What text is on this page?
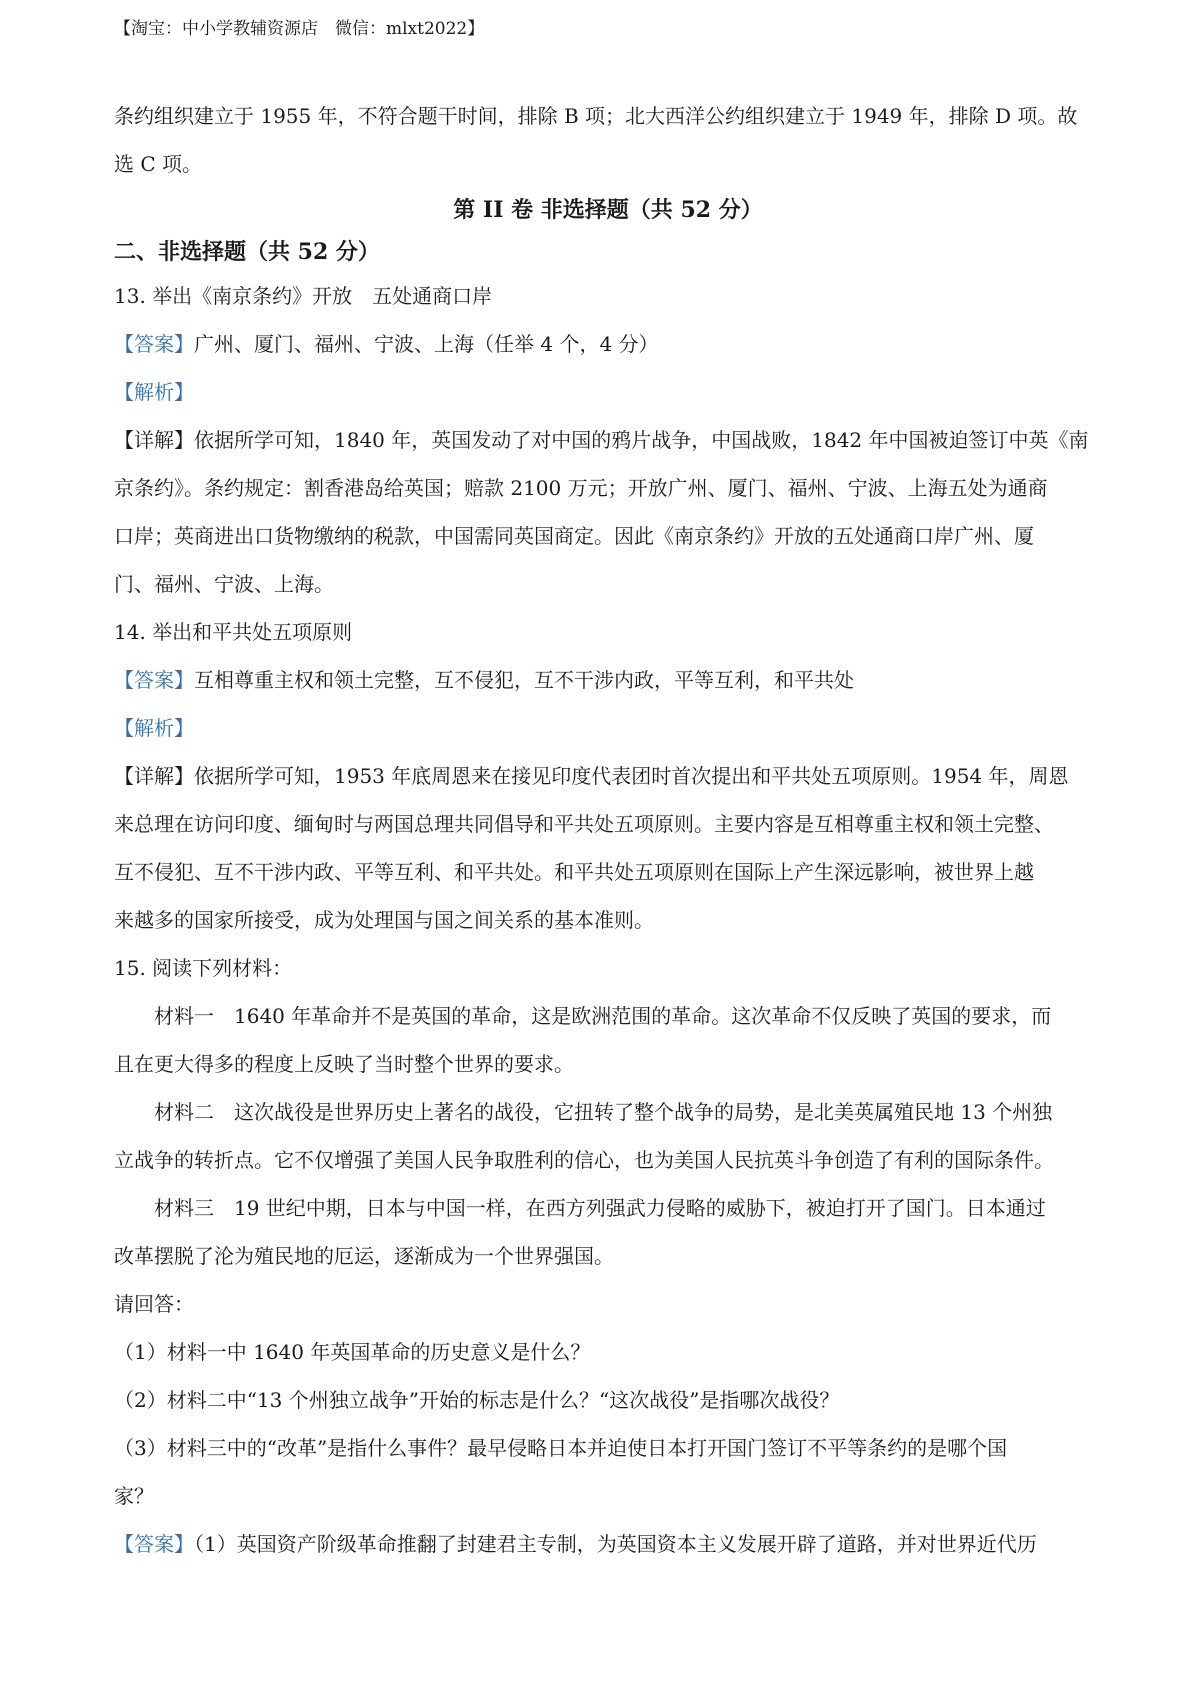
【淘宝：中小学教辅资源店　微信：mlxt2022】

条约组织建立于 1955 年，不符合题干时间，排除 B 项；北大西洋公约组织建立于 1949 年，排除 D 项。故

选 C 项。

第 II 卷 非选择题（共 52 分）

二、非选择题（共 52 分）

13. 举出《南京条约》开放　五处通商口岸

【答案】广州、厦门、福州、宁波、上海（任举 4 个，4 分）

【解析】

【详解】依据所学可知，1840 年，英国发动了对中国的鸦片战争，中国战败，1842 年中国被迫签订中英《南

京条约》。条约规定：割香港岛给英国；赔款 2100 万元；开放广州、厦门、福州、宁波、上海五处为通商

口岸；英商进出口货物缴纳的税款，中国需同英国商定。因此《南京条约》开放的五处通商口岸广州、厦

门、福州、宁波、上海。

14. 举出和平共处五项原则

【答案】互相尊重主权和领土完整，互不侵犯，互不干涉内政，平等互利，和平共处

【解析】

【详解】依据所学可知，1953 年底周恩来在接见印度代表团时首次提出和平共处五项原则。1954 年，周恩

来总理在访问印度、缅甸时与两国总理共同倡导和平共处五项原则。主要内容是互相尊重主权和领土完整、

互不侵犯、互不干涉内政、平等互利、和平共处。和平共处五项原则在国际上产生深远影响，被世界上越

来越多的国家所接受，成为处理国与国之间关系的基本准则。

15. 阅读下列材料：

材料一　1640 年革命并不是英国的革命，这是欧洲范围的革命。这次革命不仅反映了英国的要求，而

且在更大得多的程度上反映了当时整个世界的要求。

材料二　这次战役是世界历史上著名的战役，它扭转了整个战争的局势，是北美英属殖民地 13 个州独

立战争的转折点。它不仅增强了美国人民争取胜利的信心，也为美国人民抗英斗争创造了有利的国际条件。

材料三　19 世纪中期，日本与中国一样，在西方列强武力侵略的威胁下，被迫打开了国门。日本通过

改革摆脱了沦为殖民地的厄运，逐渐成为一个世界强国。

请回答：

（1）材料一中 1640 年英国革命的历史意义是什么？

（2）材料二中“13 个州独立战争”开始的标志是什么？“这次战役”是指哪次战役？

（3）材料三中的“改革”是指什么事件？最早侵略日本并迫使日本打开国门签订不平等条约的是哪个国

家？

【答案】（1）英国资产阶级革命推翻了封建君主专制，为英国资本主义发展开辟了道路，并对世界近代历
